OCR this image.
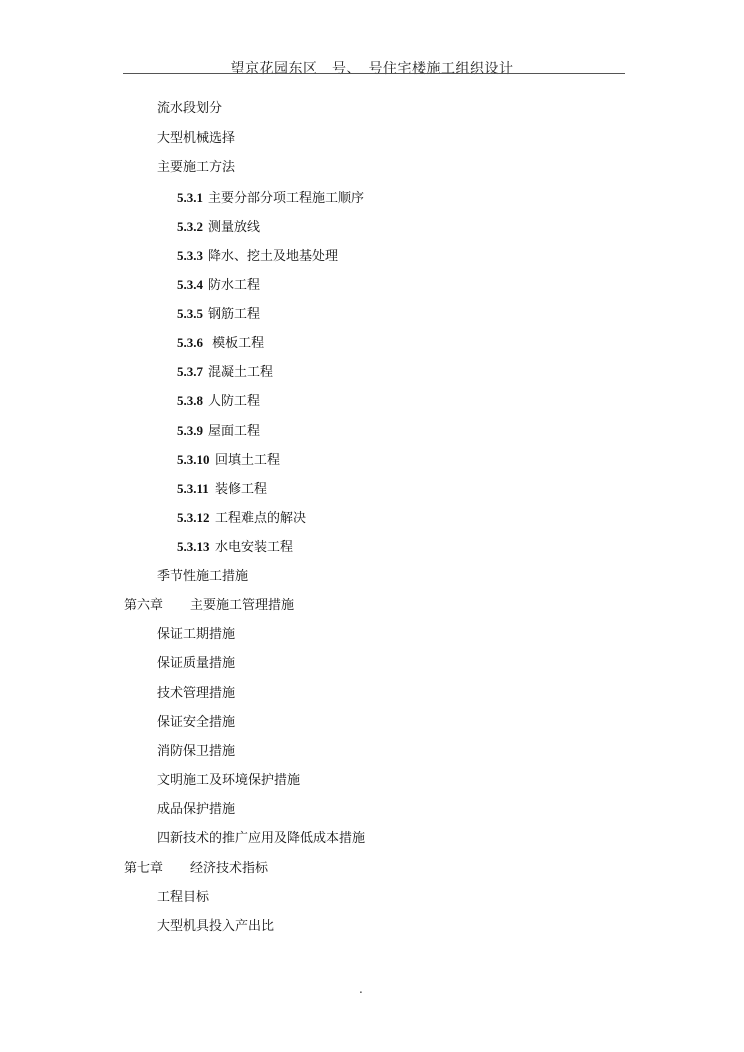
望京花园东区　号、　号住宅楼施工组织设计
流水段划分
大型机械选择
主要施工方法
5.3.1 主要分部分项工程施工顺序
5.3.2 测量放线
5.3.3 降水、挖土及地基处理
5.3.4 防水工程
5.3.5 钢筋工程
5.3.6 模板工程
5.3.7 混凝土工程
5.3.8 人防工程
5.3.9 屋面工程
5.3.10 回填土工程
5.3.11 装修工程
5.3.12 工程难点的解决
5.3.13 水电安装工程
季节性施工措施
第六章 主要施工管理措施
保证工期措施
保证质量措施
技术管理措施
保证安全措施
消防保卫措施
文明施工及环境保护措施
成品保护措施
四新技术的推广应用及降低成本措施
第七章 经济技术指标
工程目标
大型机具投入产出比
.
